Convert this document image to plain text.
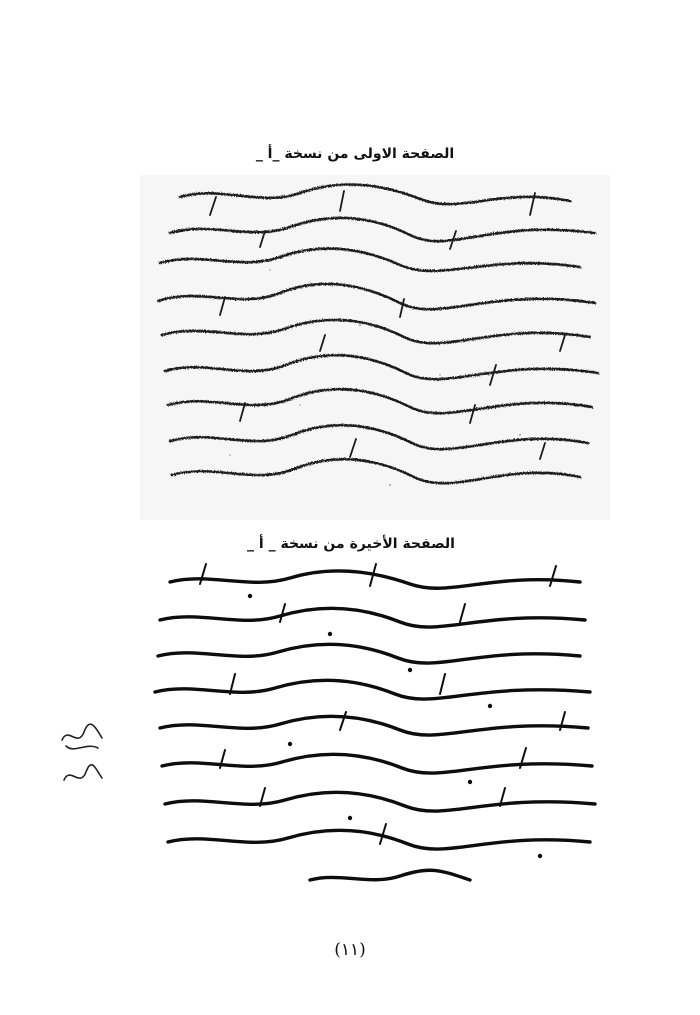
الصفحة الاولى من نسخة _أ _
الصفحة الأخيرة من نسخة _ أ _
(١١)
